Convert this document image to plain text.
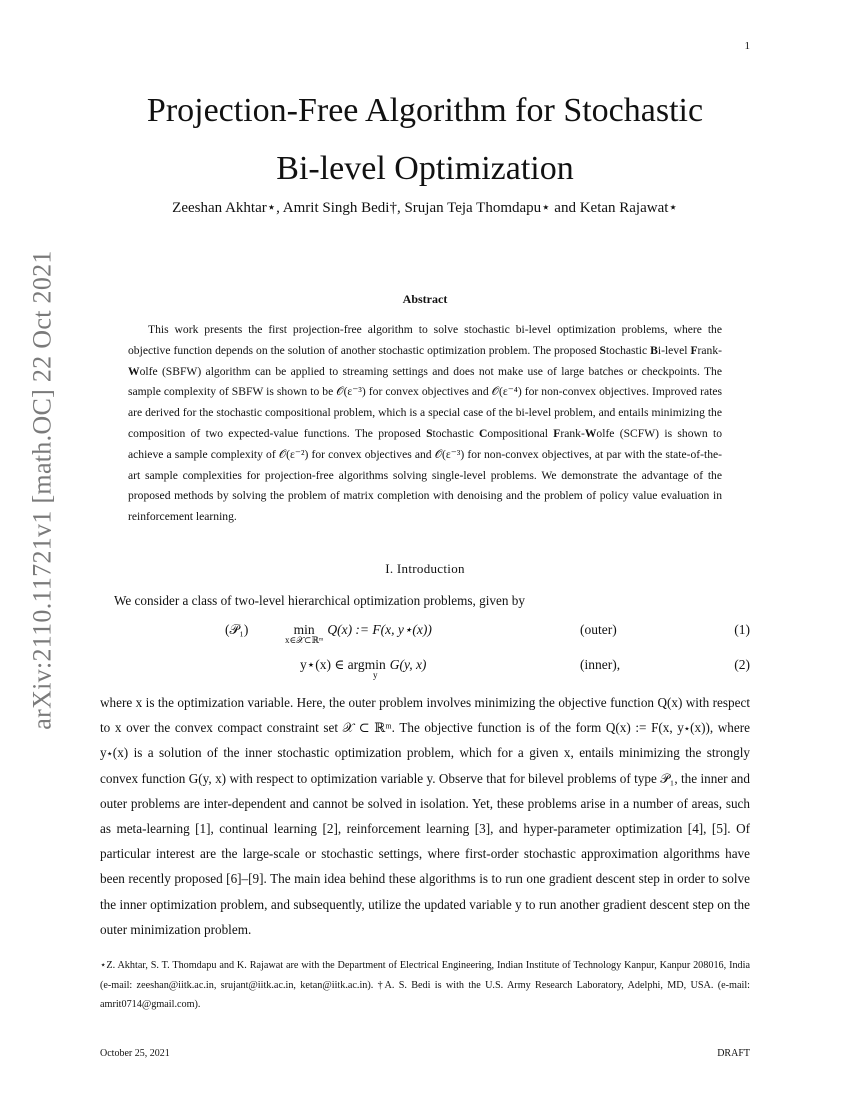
1
arXiv:2110.11721v1 [math.OC] 22 Oct 2021
Projection-Free Algorithm for Stochastic
Bi-level Optimization
Zeeshan Akhtar⋆, Amrit Singh Bedi†, Srujan Teja Thomdapu⋆ and Ketan Rajawat⋆
Abstract

This work presents the first projection-free algorithm to solve stochastic bi-level optimization problems, where the objective function depends on the solution of another stochastic optimization problem. The proposed Stochastic Bi-level Frank-Wolfe (SBFW) algorithm can be applied to streaming settings and does not make use of large batches or checkpoints. The sample complexity of SBFW is shown to be 𝒪(ε⁻³) for convex objectives and 𝒪(ε⁻⁴) for non-convex objectives. Improved rates are derived for the stochastic compositional problem, which is a special case of the bi-level problem, and entails minimizing the composition of two expected-value functions. The proposed Stochastic Compositional Frank-Wolfe (SCFW) is shown to achieve a sample complexity of 𝒪(ε⁻²) for convex objectives and 𝒪(ε⁻³) for non-convex objectives, at par with the state-of-the-art sample complexities for projection-free algorithms solving single-level problems. We demonstrate the advantage of the proposed methods by solving the problem of matrix completion with denoising and the problem of policy value evaluation in reinforcement learning.

I. Introduction

We consider a class of two-level hierarchical optimization problems, given by

(𝒫₁)	min
x∈𝒳⊂ℝᵐ
Q(x) := F(x, y⋆(x))	(outer)	(1)
y⋆(x) ∈ argmin
y
G(y, x)	(inner),	(2)

where x is the optimization variable. Here, the outer problem involves minimizing the objective function Q(x) with respect to x over the convex compact constraint set 𝒳 ⊂ ℝᵐ. The objective function is of the form Q(x) := F(x, y⋆(x)), where y⋆(x) is a solution of the inner stochastic optimization problem, which for a given x, entails minimizing the strongly convex function G(y, x) with respect to optimization variable y. Observe that for bilevel problems of type 𝒫₁, the inner and outer problems are inter-dependent and cannot be solved in isolation. Yet, these problems arise in a number of areas, such as meta-learning [1], continual learning [2], reinforcement learning [3], and hyper-parameter optimization [4], [5]. Of particular interest are the large-scale or stochastic settings, where first-order stochastic approximation algorithms have been recently proposed [6]–[9]. The main idea behind these algorithms is to run one gradient descent step in order to solve the inner optimization problem, and subsequently, utilize the updated variable y to run another gradient descent step on the outer minimization problem.

⋆Z. Akhtar, S. T. Thomdapu and K. Rajawat are with the Department of Electrical Engineering, Indian Institute of Technology Kanpur, Kanpur 208016, India (e-mail: zeeshan@iitk.ac.in, srujant@iitk.ac.in, ketan@iitk.ac.in). †A. S. Bedi is with the U.S. Army Research Laboratory, Adelphi, MD, USA. (e-mail: amrit0714@gmail.com).

October 25, 2021	DRAFT
